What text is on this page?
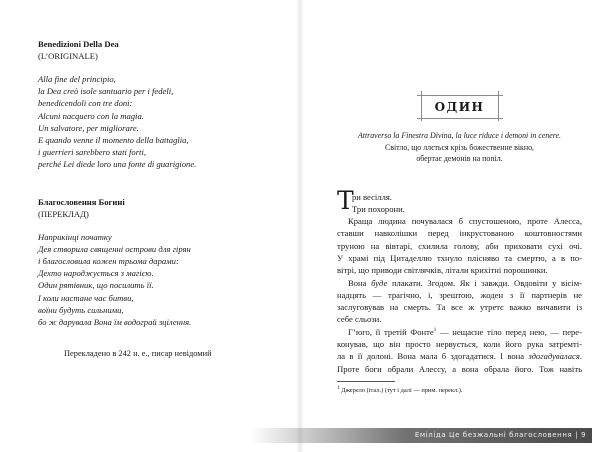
Benedizioni Della Dea

(L’ORIGINALE)

Alla fine del principio,

la Dea creò isole santuario per i fedeli,

benedicendoli con tre doni:

Alcuni nacquero con la magia.

Un salvatore, per migliorare.

E quando venne il momento della battaglia,

i guerrieri sarebbero stati forti,

perché Lei diede loro una fonte di guarigione.

Благословення Богині

(ПЕРЕКЛАД)

Наприкінці початку

Дея створила священні острови для гірян

і благословила кожен трьома дарами:

Дехто народжується з магією.

Один рятівник, що посилить її.

І коли настане час битви,

воїни будуть сильними,

бо ж дарувала Вона їм водограй зцілення.

Перекладено в 242 н. е., писар невідомий

ОДИН

Attraverso la Finestra Divina, la luce riduce i demoni in cenere.

Світло, що ллється крізь божественне вікно,

обертає демонів на попіл.

Т

ри весілля.

Три похорони.

Краща людина почувалася б спустошеною, проте Алесса,

ставши навколішки перед інкрустованою коштовностями

труною на вівтарі, схилила голову, аби приховати сухі очі.

У храмі під Цитаделлю тхнуло плісняво та смертю, а в по-

вітрі, що приводи світлячків, літали крихітні порошинки.

Вона буде плакати. Згодом. Як і завжди. Овдовіти у вісім-

надцять — трагічно, і, зрештою, жоден з її партнерів не

заслуговував на смерть. Та все ж утретє важко вичавити із

себе сльози.

Гʼюго, її третій Фонте$^1$ — нещасне тіло перед нею, — пере-

конував, що він просто нервується, коли його рука затремті-

ла в її долоні. Вона мала б здогадатися. І вона здогадувалася.

Проте боги обрали Алессу, а вона обрала його. Тож навіть

$^1$ Джерело (італ.) (тут і далі — прим. перекл.).

Еміліда Це безжальні благословення | 9
